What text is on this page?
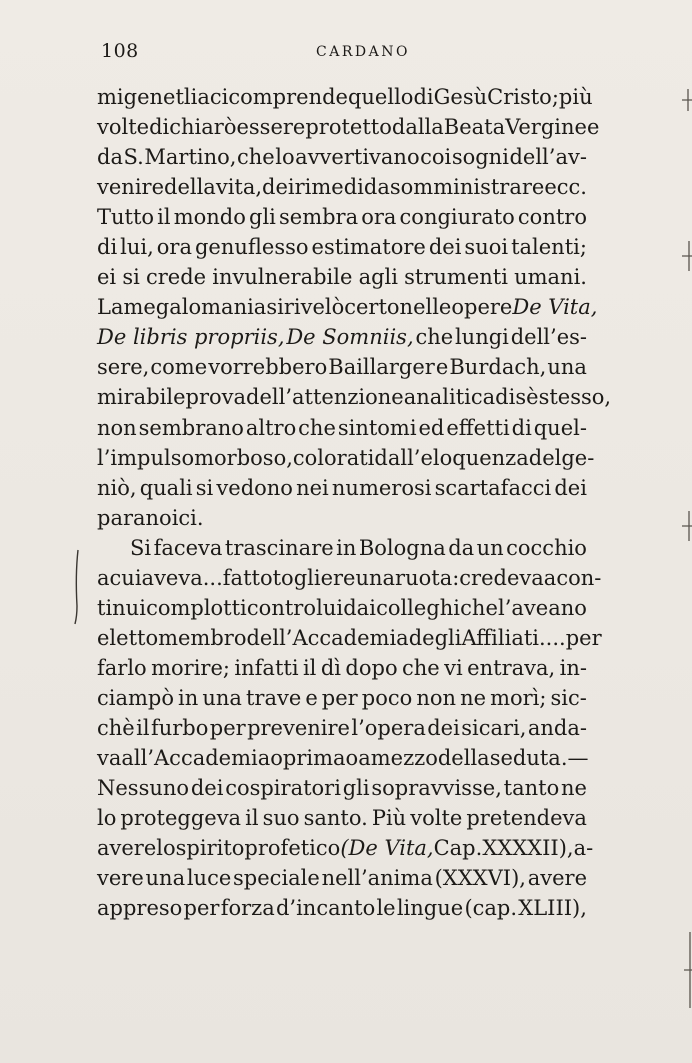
108	CARDANO
mi genetliaci comprende quello di Gesù Cristo; più
volte dichiarò essere protetto dalla BeataVergine e
da S. Martino, che lo avvertivano coi sogni dell’av-
venire della vita, dei rimedi da somministrare ecc.
Tutto il mondo gli sembra ora congiurato contro
di lui, ora genuflesso estimatore dei suoi talenti;
ei si crede invulnerabile agli strumenti umani.
La megalomania si rivelò certo nelle opere De Vita,
De libris propriis, De Somniis, che lungi dell’es-
sere, come vorrebbero Baillarger e Burdach, una
mirabile prova dell’attenzione analitica di sè stesso,
non sembrano altro che sintomi ed effetti di quel-
l’impulso morboso, colorati dall’eloquenza del ge-
niò, quali si vedono nei numerosi scartafacci dei
paranoici.
Si faceva trascinare in Bologna da un cocchio
a cui aveva... fatto togliere una ruota: credeva a con-
tinui complotti contro lui dai colleghi che l’aveano
eletto membro dell’Accademia degli Affiliati.... per
farlo morire; infatti il dì dopo che vi entrava, in-
ciampò in una trave e per poco non ne morì; sic-
chè il furbo per prevenire l’opera dei sicari, anda-
va all’Accademia o prima o a mezzo della seduta.—
Nessuno dei cospiratori gli sopravvisse, tanto ne
lo proteggeva il suo santo. Più volte pretendeva
avere lo spirito profetico (De Vita, Cap. XXXXII), a-
vere una luce speciale nell’anima (XXXVI), avere
appreso per forza d’incanto le lingue (cap. XLIII),
